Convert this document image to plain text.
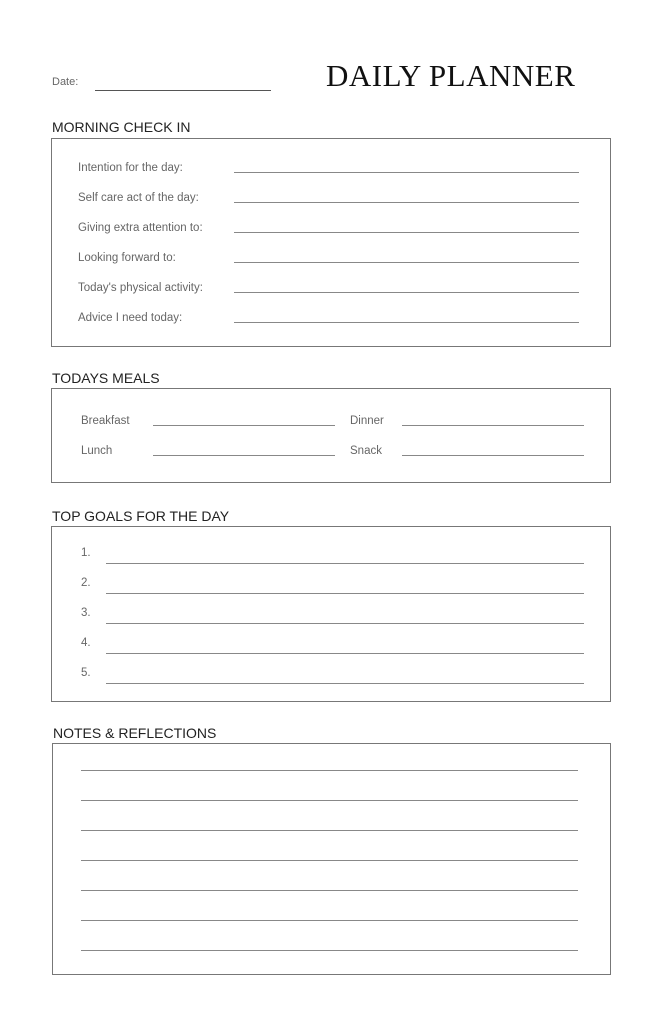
Date:	DAILY PLANNER
MORNING CHECK IN
Intention for the day:
Self care act of the day:
Giving extra attention to:
Looking forward to:
Today's physical activity:
Advice I need today:
TODAYS MEALS
Breakfast	Dinner
Lunch	Snack
TOP GOALS FOR THE DAY
1.
2.
3.
4.
5.
NOTES & REFLECTIONS
